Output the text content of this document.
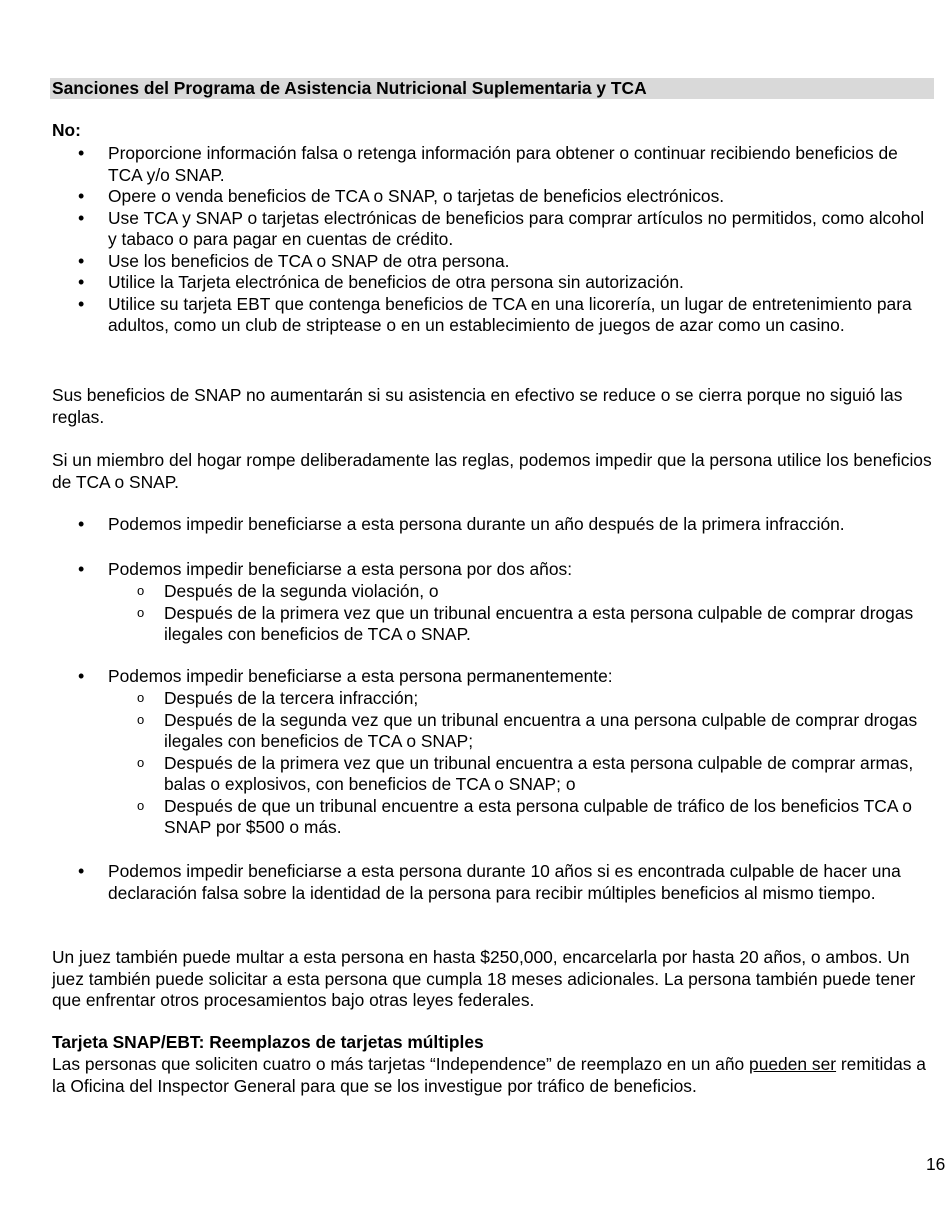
Sanciones del Programa de Asistencia Nutricional Suplementaria y TCA
No:
• Proporcione información falsa o retenga información para obtener o continuar recibiendo beneficios de TCA y/o SNAP.
• Opere o venda beneficios de TCA o SNAP, o tarjetas de beneficios electrónicos.
• Use TCA y SNAP o tarjetas electrónicas de beneficios para comprar artículos no permitidos, como alcohol y tabaco o para pagar en cuentas de crédito.
• Use los beneficios de TCA o SNAP de otra persona.
• Utilice la Tarjeta electrónica de beneficios de otra persona sin autorización.
• Utilice su tarjeta EBT que contenga beneficios de TCA en una licorería, un lugar de entretenimiento para adultos, como un club de striptease o en un establecimiento de juegos de azar como un casino.

Sus beneficios de SNAP no aumentarán si su asistencia en efectivo se reduce o se cierra porque no siguió las reglas.

Si un miembro del hogar rompe deliberadamente las reglas, podemos impedir que la persona utilice los beneficios de TCA o SNAP.

• Podemos impedir beneficiarse a esta persona durante un año después de la primera infracción.
• Podemos impedir beneficiarse a esta persona por dos años:
o Después de la segunda violación, o
o Después de la primera vez que un tribunal encuentra a esta persona culpable de comprar drogas ilegales con beneficios de TCA o SNAP.
• Podemos impedir beneficiarse a esta persona permanentemente:
o Después de la tercera infracción;
o Después de la segunda vez que un tribunal encuentra a una persona culpable de comprar drogas ilegales con beneficios de TCA o SNAP;
o Después de la primera vez que un tribunal encuentra a esta persona culpable de comprar armas, balas o explosivos, con beneficios de TCA o SNAP; o
o Después de que un tribunal encuentre a esta persona culpable de tráfico de los beneficios TCA o SNAP por $500 o más.
• Podemos impedir beneficiarse a esta persona durante 10 años si es encontrada culpable de hacer una declaración falsa sobre la identidad de la persona para recibir múltiples beneficios al mismo tiempo.

Un juez también puede multar a esta persona en hasta $250,000, encarcelarla por hasta 20 años, o ambos. Un juez también puede solicitar a esta persona que cumpla 18 meses adicionales. La persona también puede tener que enfrentar otros procesamientos bajo otras leyes federales.

Tarjeta SNAP/EBT: Reemplazos de tarjetas múltiples

Las personas que soliciten cuatro o más tarjetas “Independence” de reemplazo en un año pueden ser remitidas a la Oficina del Inspector General para que se los investigue por tráfico de beneficios.

16
